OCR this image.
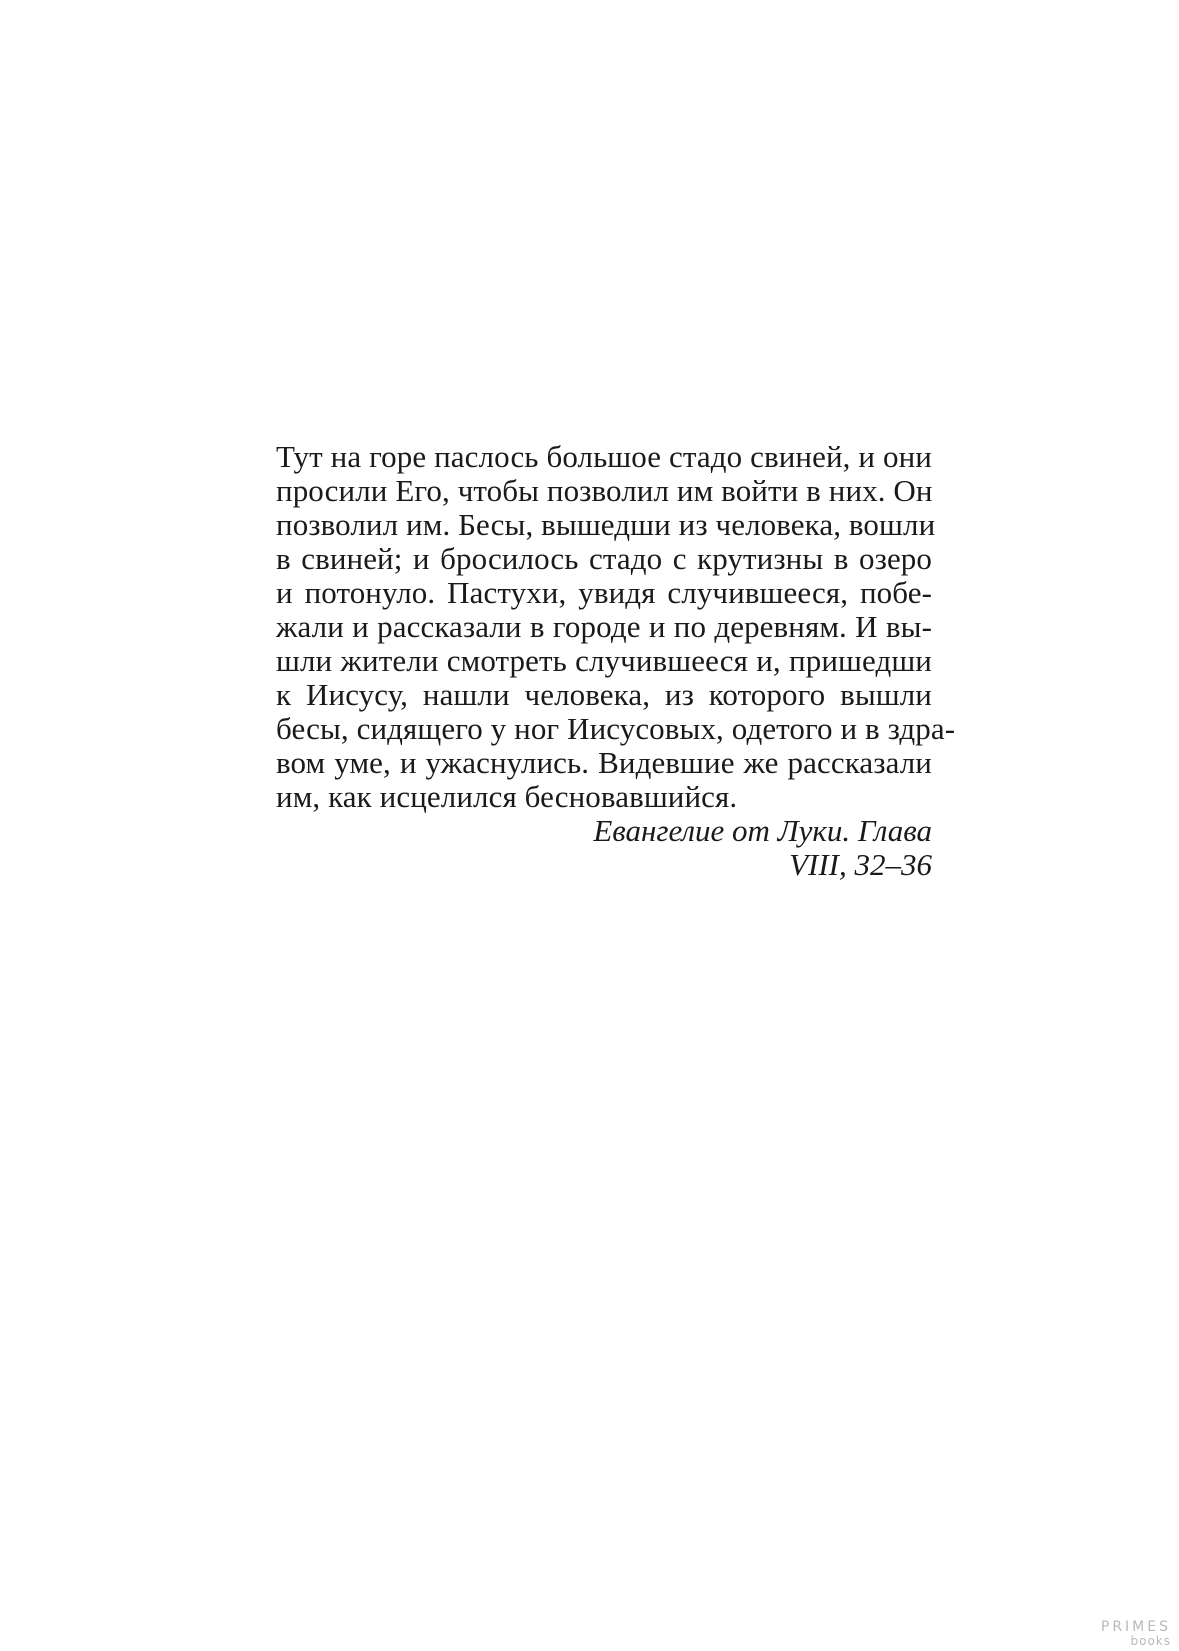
Тут на горе паслось большое стадо свиней, и они
просили Его, чтобы позволил им войти в них. Он
позволил им. Бесы, вышедши из человека, вошли
в свиней; и бросилось стадо с крутизны в озеро
и потонуло. Пастухи, увидя случившееся, побе-
жали и рассказали в городе и по деревням. И вы-
шли жители смотреть случившееся и, пришедши
к Иисусу, нашли человека, из которого вышли
бесы, сидящего у ног Иисусовых, одетого и в здра-
вом уме, и ужаснулись. Видевшие же рассказали
им, как исцелился бесновавшийся.
Евангелие от Луки. Глава
VIII, 32–36
PRIMES
books
